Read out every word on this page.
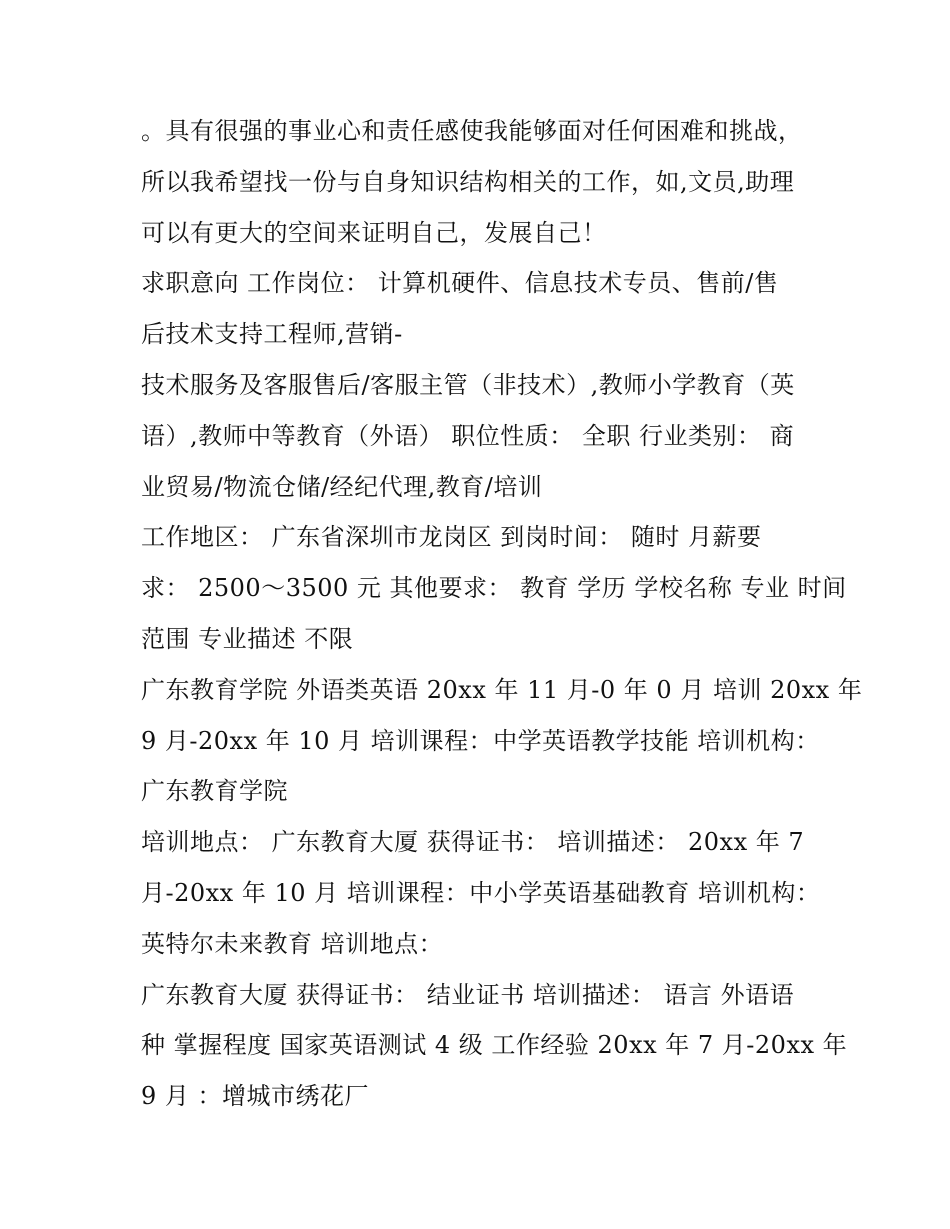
。具有很强的事业心和责任感使我能够面对任何困难和挑战，
所以我希望找一份与自身知识结构相关的工作，如,文员,助理
可以有更大的空间来证明自己，发展自己！
求职意向 工作岗位： 计算机硬件、信息技术专员、售前/售
后技术支持工程师,营销-
技术服务及客服售后/客服主管（非技术）,教师小学教育（英
语）,教师中等教育（外语） 职位性质： 全职 行业类别： 商
业贸易/物流仓储/经纪代理,教育/培训
工作地区： 广东省深圳市龙岗区 到岗时间： 随时 月薪要
求： 2500～3500 元 其他要求： 教育 学历 学校名称 专业 时间
范围 专业描述 不限
广东教育学院 外语类英语 20xx 年 11 月-0 年 0 月 培训 20xx 年
9 月-20xx 年 10 月 培训课程：中学英语教学技能 培训机构：
广东教育学院
培训地点： 广东教育大厦 获得证书： 培训描述： 20xx 年 7
月-20xx 年 10 月 培训课程：中小学英语基础教育 培训机构：
英特尔未来教育 培训地点：
广东教育大厦 获得证书： 结业证书 培训描述： 语言 外语语
种 掌握程度 国家英语测试 4 级 工作经验 20xx 年 7 月-20xx 年
9 月 ：增城市绣花厂
